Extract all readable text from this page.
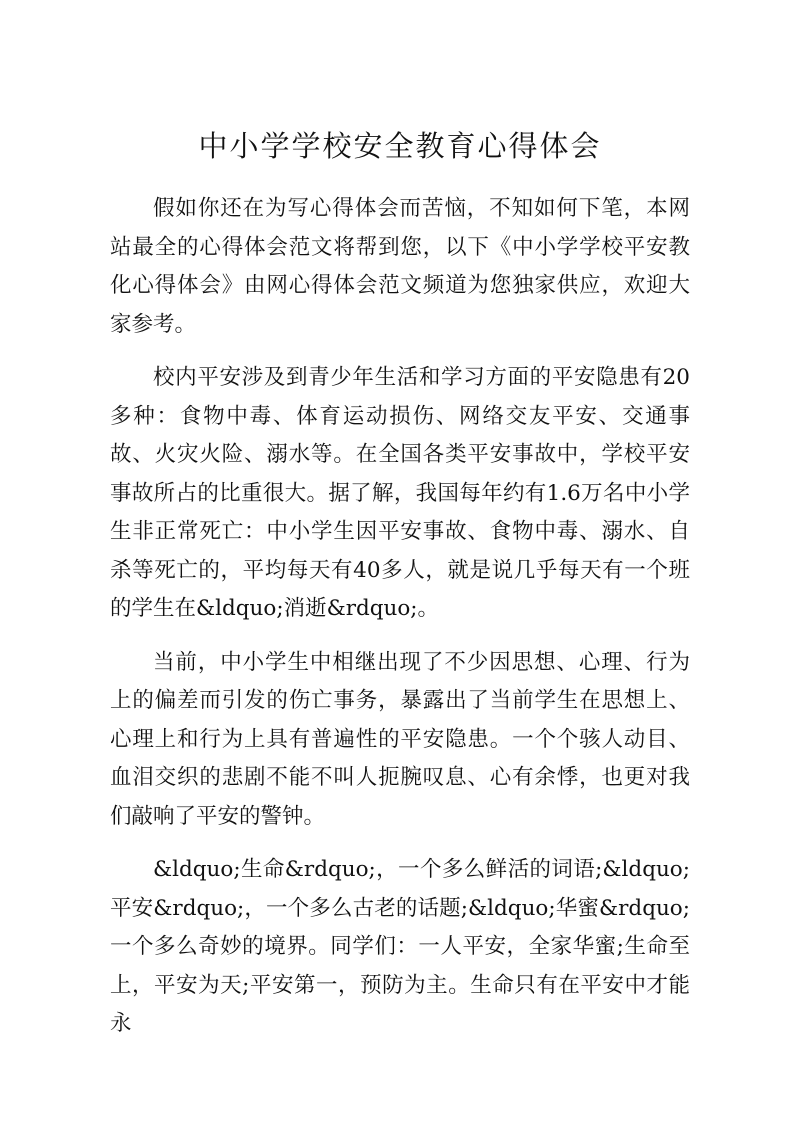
中小学学校安全教育心得体会

假如你还在为写心得体会而苦恼，不知如何下笔，本网站最全的心得体会范文将帮到您，以下《中小学学校平安教化心得体会》由网心得体会范文频道为您独家供应，欢迎大家参考。

校内平安涉及到青少年生活和学习方面的平安隐患有20多种：食物中毒、体育运动损伤、网络交友平安、交通事故、火灾火险、溺水等。在全国各类平安事故中，学校平安事故所占的比重很大。据了解，我国每年约有1.6万名中小学生非正常死亡：中小学生因平安事故、食物中毒、溺水、自杀等死亡的，平均每天有40多人，就是说几乎每天有一个班的学生在&ldquo;消逝&rdquo;。

当前，中小学生中相继出现了不少因思想、心理、行为上的偏差而引发的伤亡事务，暴露出了当前学生在思想上、心理上和行为上具有普遍性的平安隐患。一个个骇人动目、血泪交织的悲剧不能不叫人扼腕叹息、心有余悸，也更对我们敲响了平安的警钟。

&ldquo;生命&rdquo;，一个多么鲜活的词语;&ldquo;平安&rdquo;，一个多么古老的话题;&ldquo;华蜜&rdquo;一个多么奇妙的境界。同学们：一人平安，全家华蜜;生命至上，平安为天;平安第一，预防为主。生命只有在平安中才能永
